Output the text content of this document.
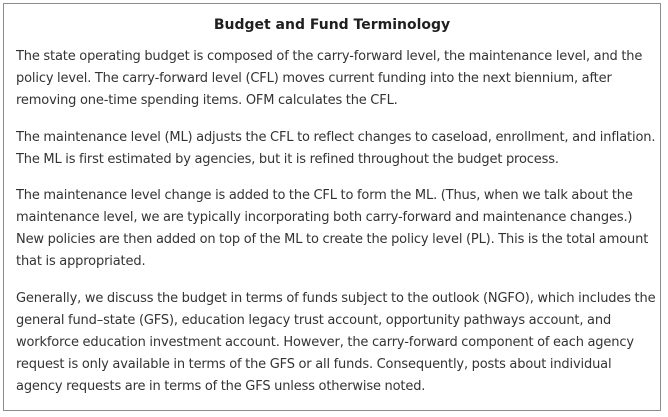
Budget and Fund Terminology

The state operating budget is composed of the carry-forward level, the maintenance level, and the policy level. The carry-forward level (CFL) moves current funding into the next biennium, after removing one-time spending items. OFM calculates the CFL.

The maintenance level (ML) adjusts the CFL to reflect changes to caseload, enrollment, and inflation. The ML is first estimated by agencies, but it is refined throughout the budget process.

The maintenance level change is added to the CFL to form the ML. (Thus, when we talk about the maintenance level, we are typically incorporating both carry-forward and maintenance changes.) New policies are then added on top of the ML to create the policy level (PL). This is the total amount that is appropriated.

Generally, we discuss the budget in terms of funds subject to the outlook (NGFO), which includes the general fund–state (GFS), education legacy trust account, opportunity pathways account, and workforce education investment account. However, the carry-forward component of each agency request is only available in terms of the GFS or all funds. Consequently, posts about individual agency requests are in terms of the GFS unless otherwise noted.
